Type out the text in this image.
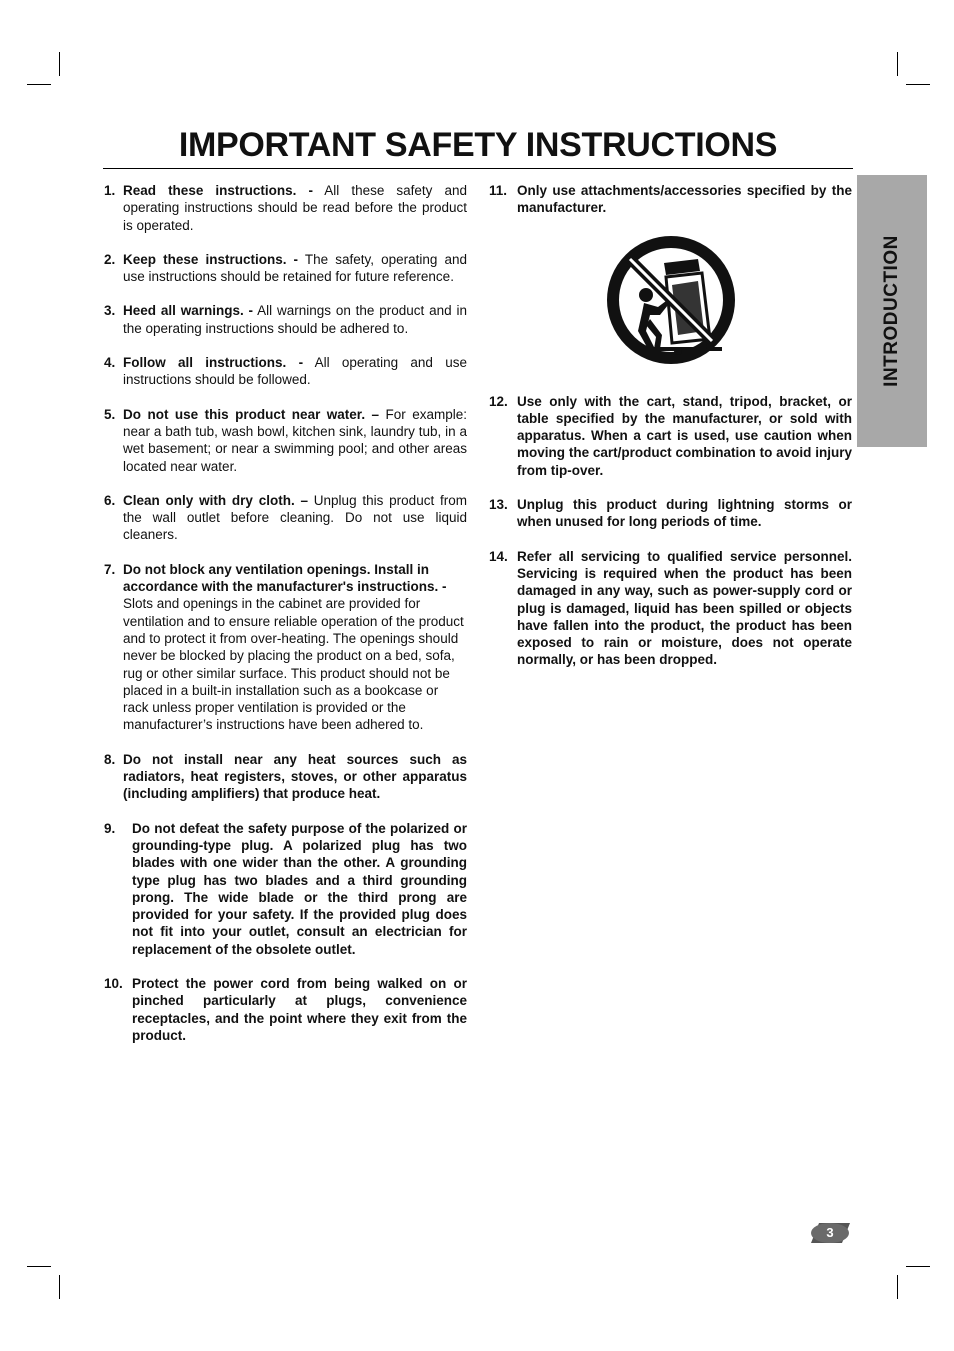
IMPORTANT SAFETY INSTRUCTIONS
INTRODUCTION

1. Read these instructions. - All these safety and operating instructions should be read before the product is operated.

2. Keep these instructions. - The safety, operating and use instructions should be retained for future reference.

3. Heed all warnings. - All warnings on the product and in the operating instructions should be adhered to.

4. Follow all instructions. - All operating and use instructions should be followed.

5. Do not use this product near water. – For example: near a bath tub, wash bowl, kitchen sink, laundry tub, in a wet basement; or near a swimming pool; and other areas located near water.

6. Clean only with dry cloth. – Unplug this product from the wall outlet before cleaning. Do not use liquid cleaners.

7. Do not block any ventilation openings. Install in accordance with the manufacturer's instructions. - Slots and openings in the cabinet are provided for ventilation and to ensure reliable operation of the product and to protect it from over-heating. The openings should never be blocked by placing the product on a bed, sofa, rug or other similar surface. This product should not be placed in a built-in installation such as a bookcase or rack unless proper ventilation is provided or the manufacturer’s instructions have been adhered to.

8. Do not install near any heat sources such as radiators, heat registers, stoves, or other apparatus (including amplifiers) that produce heat.

9.	Do not defeat the safety purpose of the polarized or grounding-type plug. A polarized plug has two blades with one wider than the other. A grounding type plug has two blades and a third grounding prong. The wide blade or the third prong are provided for your safety. If the provided plug does not fit into your outlet, consult an electrician for replacement of the obsolete outlet.

10. Protect the power cord from being walked on or pinched particularly at plugs, convenience receptacles, and the point where they exit from the product.

11. Only use attachments/accessories specified by the manufacturer.

12. Use only with the cart, stand, tripod, bracket, or table specified by the manufacturer, or sold with apparatus. When a cart is used, use caution when moving the cart/product combination to avoid injury from tip-over.

13. Unplug this product during lightning storms or when unused for long periods of time.

14. Refer all servicing to qualified service personnel. Servicing is required when the product has been damaged in any way, such as power-supply cord or plug is damaged, liquid has been spilled or objects have fallen into the product, the product has been exposed to rain or moisture, does not operate normally, or has been dropped.

3
